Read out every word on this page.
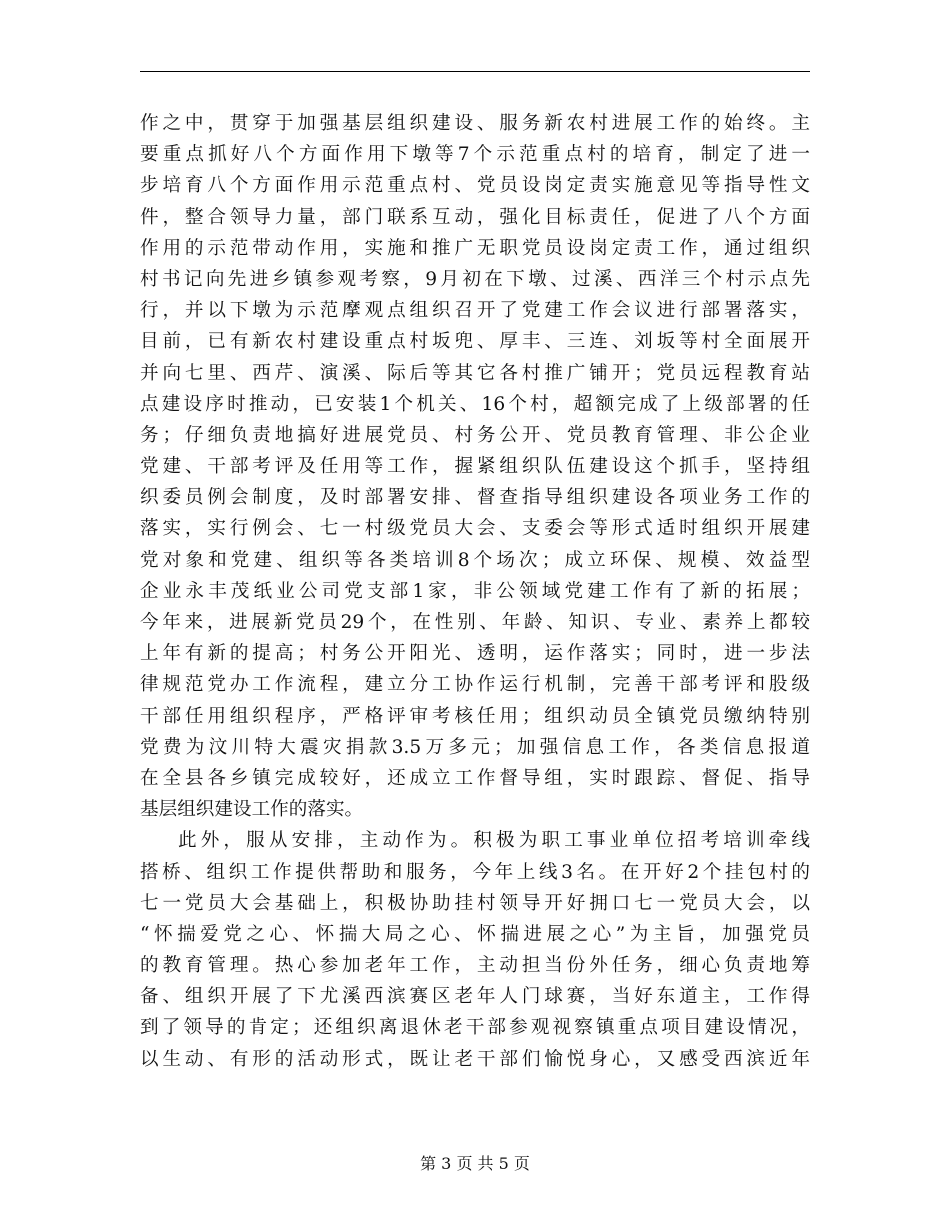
作之中，贯穿于加强基层组织建设、服务新农村进展工作的始终。主
要重点抓好八个方面作用下墩等7个示范重点村的培育，制定了进一
步培育八个方面作用示范重点村、党员设岗定责实施意见等指导性文
件，整合领导力量，部门联系互动，强化目标责任，促进了八个方面
作用的示范带动作用，实施和推广无职党员设岗定责工作，通过组织
村书记向先进乡镇参观考察，9月初在下墩、过溪、西洋三个村示点先
行，并以下墩为示范摩观点组织召开了党建工作会议进行部署落实，
目前，已有新农村建设重点村坂兜、厚丰、三连、刘坂等村全面展开
并向七里、西芹、演溪、际后等其它各村推广铺开；党员远程教育站
点建设序时推动，已安装1个机关、16个村，超额完成了上级部署的任
务；仔细负责地搞好进展党员、村务公开、党员教育管理、非公企业
党建、干部考评及任用等工作，握紧组织队伍建设这个抓手，坚持组
织委员例会制度，及时部署安排、督查指导组织建设各项业务工作的
落实，实行例会、七一村级党员大会、支委会等形式适时组织开展建
党对象和党建、组织等各类培训8个场次；成立环保、规模、效益型
企业永丰茂纸业公司党支部1家，非公领域党建工作有了新的拓展；
今年来，进展新党员29个，在性别、年龄、知识、专业、素养上都较
上年有新的提高；村务公开阳光、透明，运作落实；同时，进一步法
律规范党办工作流程，建立分工协作运行机制，完善干部考评和股级
干部任用组织程序，严格评审考核任用；组织动员全镇党员缴纳特别
党费为汶川特大震灾捐款3.5万多元；加强信息工作，各类信息报道
在全县各乡镇完成较好，还成立工作督导组，实时跟踪、督促、指导
基层组织建设工作的落实。
此外，服从安排，主动作为。积极为职工事业单位招考培训牵线
搭桥、组织工作提供帮助和服务，今年上线3名。在开好2个挂包村的
七一党员大会基础上，积极协助挂村领导开好拥口七一党员大会，以
“怀揣爱党之心、怀揣大局之心、怀揣进展之心”为主旨，加强党员
的教育管理。热心参加老年工作，主动担当份外任务，细心负责地筹
备、组织开展了下尤溪西滨赛区老年人门球赛，当好东道主，工作得
到了领导的肯定；还组织离退休老干部参观视察镇重点项目建设情况，
以生动、有形的活动形式，既让老干部们愉悦身心，又感受西滨近年
第 3 页 共 5 页
